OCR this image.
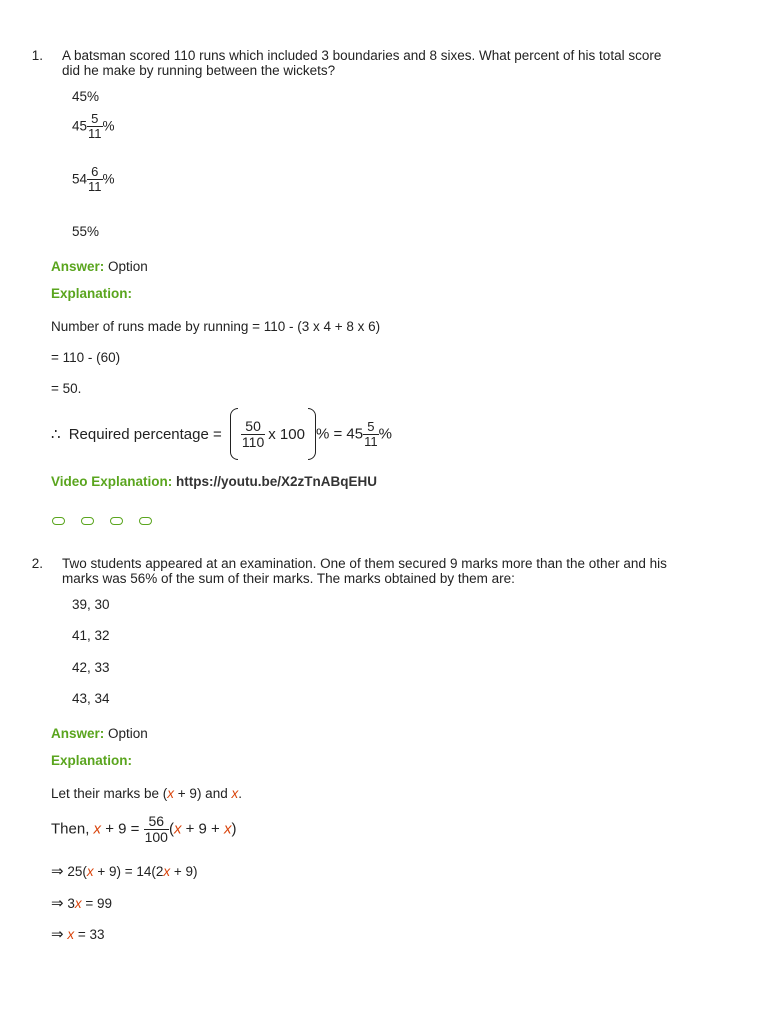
1. A batsman scored 110 runs which included 3 boundaries and 8 sixes. What percent of his total score
did he make by running between the wickets?
45%
$45 \frac{5}{11}$ %
$54 \frac{6}{11}$ %
55%
Answer: Option
Explanation:
Number of runs made by running = 110 - (3 x 4 + 8 x 6)
= 110 - (60)
= 50.
∴ Required percentage = $\frac{50}{110}$ x 100 % = $45 \frac{5}{11}$ %
Video Explanation: https://youtu.be/X2zTnABqEHU
2. Two students appeared at an examination. One of them secured 9 marks more than the other and his
marks was 56% of the sum of their marks. The marks obtained by them are:
39, 30
41, 32
42, 33
43, 34
Answer: Option
Explanation:
Let their marks be (x + 9) and x.
Then, $x + 9 = \frac{56}{100} (x + 9 + x)$
⇒ 25(x + 9) = 14(2x + 9)
⇒ 3x = 99
⇒ x = 33
